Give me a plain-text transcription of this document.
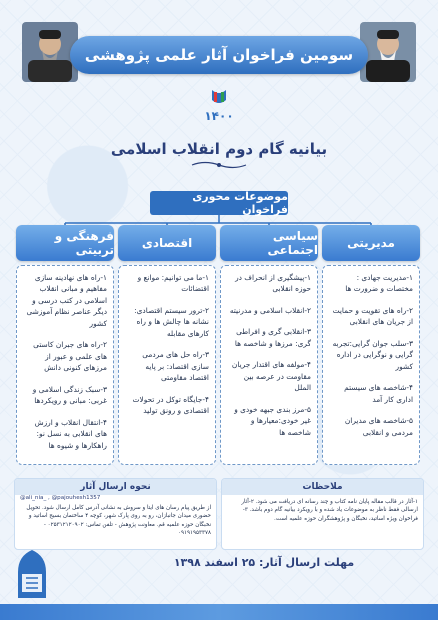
سومین فراخوان آثار علمی پژوهشی
۱۴۰۰
بیانیه گام دوم انقلاب اسلامی
موضوعات محوری فراخوان
مدیریتی

۱-مدیریت جهادی : مختصات و ضرورت ها

۲-راه های تقویت و حمایت از جریان های انقلابی

۳-سلب جوان گرایی:تجربه گرایی و نوگرایی در اداره کشور

۴-شاخصه های سیستم اداری کار آمد

۵-شاخصه های مدیران مردمی و انقلابی

سیاسی اجتماعی

۱-پیشگیری از انحراف در حوزه انقلابی

۲-انقلاب اسلامی و مدرنیته

۳-انقلابی گری و افراطی گری: مرزها و شاخصه ها

۴-مولفه های اقتدار جریان مقاومت در عرصه بین الملل

۵-مرز بندی جبهه خودی و غیر خودی:معیارها و شاخصه ها

اقتصادی

۱-ما می توانیم: موانع و اقتضائات

۲-ترور سیستم اقتصادی: نشانه ها چالش ها و راه کارهای مقابله

۳-راه حل های مردمی سازی اقتصاد: بر پایه اقتصاد مقاومتی

۴-جایگاه توکل در تحولات اقتصادی و رونق تولید

فرهنگی و تربیتی

۱-راه های نهادینه سازی مفاهیم و مبانی انقلاب اسلامی در کتب درسی و دیگر عناصر نظام آموزشی کشور

۲-راه های جبران کاستی های علمی و عبور از مرزهای کنونی دانش

۳-سبک زندگی اسلامی و غربی: مبانی و رویکردها

۴-انتقال انقلاب و ارزش های انقلابی به نسل نو: راهکارها و شیوه ها

ملاحظات
۱-آثار در قالب مقاله پایان نامه کتاب و چند رسانه ای دریافت می شود. ۲-آثار ارسالی فقط ناظر به موضوعات یاد شده و با رویکرد بیانیه گام دوم باشد. ۳-فراخوان ویژه اساتید، نخبگان و پژوهشگران حوزه علمیه است.
نحوه ارسال آثار
@ali_nia_ , @pajouhesh1357
از طریق پیام رسان های ایتا و سروش به نشانی آدرس کامل ارسال شود. تحویل حضوری میدان جانبازان، رو به روی پارک شهر، کوچه ۴ ساختمان بسیج اساتید و نخبگان حوزه علمیه قم. معاونت پژوهش - تلفن تماس: ۰۲۵۳۱۲۱۲۰۹۰۲ - ۰۹۱۹۱۹۵۳۳۷۸
مهلت ارسال آثار: ۲۵ اسفند ۱۳۹۸
